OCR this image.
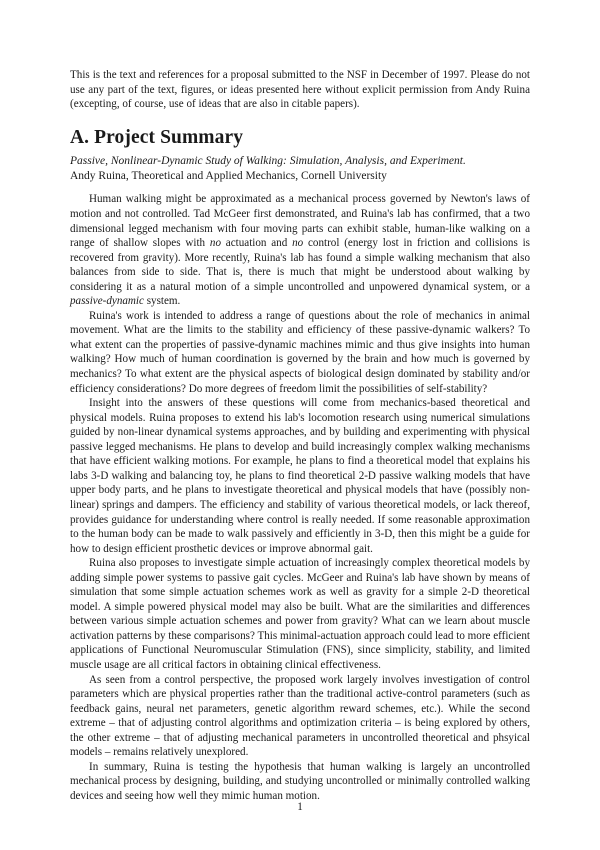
This is the text and references for a proposal submitted to the NSF in December of 1997. Please do not use any part of the text, figures, or ideas presented here without explicit permission from Andy Ruina (excepting, of course, use of ideas that are also in citable papers).

A. Project Summary

Passive, Nonlinear-Dynamic Study of Walking: Simulation, Analysis, and Experiment.

Andy Ruina, Theoretical and Applied Mechanics, Cornell University

Human walking might be approximated as a mechanical process governed by Newton's laws of motion and not controlled. Tad McGeer first demonstrated, and Ruina's lab has confirmed, that a two dimensional legged mechanism with four moving parts can exhibit stable, human-like walking on a range of shallow slopes with no actuation and no control (energy lost in friction and collisions is recovered from gravity). More recently, Ruina's lab has found a simple walking mechanism that also balances from side to side. That is, there is much that might be understood about walking by considering it as a natural motion of a simple uncontrolled and unpowered dynamical system, or a passive-dynamic system.

Ruina's work is intended to address a range of questions about the role of mechanics in animal movement. What are the limits to the stability and efficiency of these passive-dynamic walkers? To what extent can the properties of passive-dynamic machines mimic and thus give insights into human walking? How much of human coordination is governed by the brain and how much is governed by mechanics? To what extent are the physical aspects of biological design dominated by stability and/or efficiency considerations? Do more degrees of freedom limit the possibilities of self-stability?

Insight into the answers of these questions will come from mechanics-based theoretical and physical models. Ruina proposes to extend his lab's locomotion research using numerical simulations guided by non-linear dynamical systems approaches, and by building and experimenting with physical passive legged mechanisms. He plans to develop and build increasingly complex walking mechanisms that have efficient walking motions. For example, he plans to find a theoretical model that explains his labs 3-D walking and balancing toy, he plans to find theoretical 2-D passive walking models that have upper body parts, and he plans to investigate theoretical and physical models that have (possibly non-linear) springs and dampers. The efficiency and stability of various theoretical models, or lack thereof, provides guidance for understanding where control is really needed. If some reasonable approximation to the human body can be made to walk passively and efficiently in 3-D, then this might be a guide for how to design efficient prosthetic devices or improve abnormal gait.

Ruina also proposes to investigate simple actuation of increasingly complex theoretical models by adding simple power systems to passive gait cycles. McGeer and Ruina's lab have shown by means of simulation that some simple actuation schemes work as well as gravity for a simple 2-D theoretical model. A simple powered physical model may also be built. What are the similarities and differences between various simple actuation schemes and power from gravity? What can we learn about muscle activation patterns by these comparisons? This minimal-actuation approach could lead to more efficient applications of Functional Neuromuscular Stimulation (FNS), since simplicity, stability, and limited muscle usage are all critical factors in obtaining clinical effectiveness.

As seen from a control perspective, the proposed work largely involves investigation of control parameters which are physical properties rather than the traditional active-control parameters (such as feedback gains, neural net parameters, genetic algorithm reward schemes, etc.). While the second extreme – that of adjusting control algorithms and optimization criteria – is being explored by others, the other extreme – that of adjusting mechanical parameters in uncontrolled theoretical and phsyical models – remains relatively unexplored.

In summary, Ruina is testing the hypothesis that human walking is largely an uncontrolled mechanical process by designing, building, and studying uncontrolled or minimally controlled walking devices and seeing how well they mimic human motion.

1
